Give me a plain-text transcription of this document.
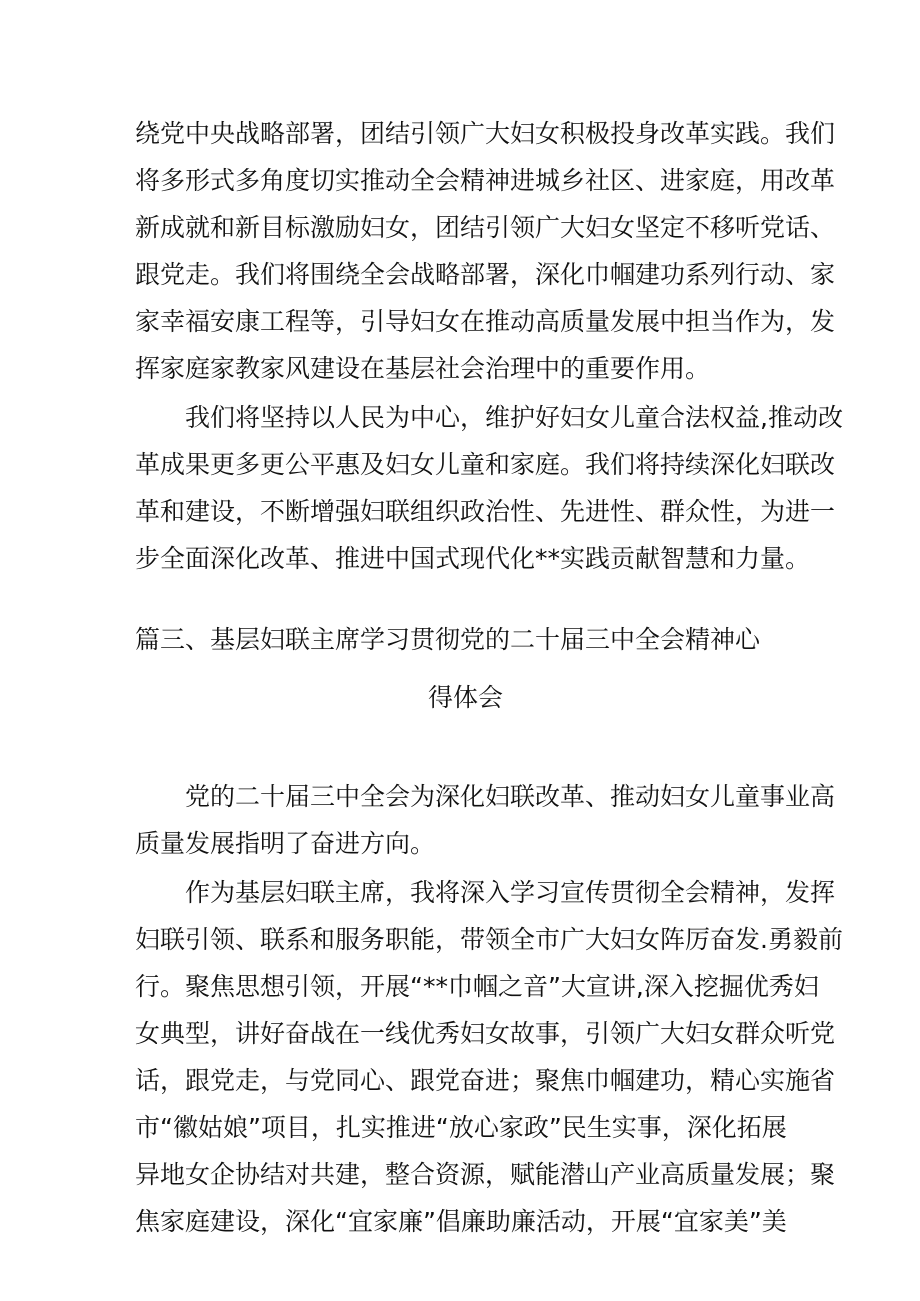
绕党中央战略部署，团结引领广大妇女积极投身改革实践。我们
将多形式多角度切实推动全会精神进城乡社区、进家庭，用改革
新成就和新目标激励妇女，团结引领广大妇女坚定不移听党话、
跟党走。我们将围绕全会战略部署，深化巾帼建功系列行动、家
家幸福安康工程等，引导妇女在推动高质量发展中担当作为，发
挥家庭家教家风建设在基层社会治理中的重要作用。
我们将坚持以人民为中心，维护好妇女儿童合法权益,推动改
革成果更多更公平惠及妇女儿童和家庭。我们将持续深化妇联改
革和建设，不断增强妇联组织政治性、先进性、群众性，为进一
步全面深化改革、推进中国式现代化**实践贡献智慧和力量。
篇三、基层妇联主席学习贯彻党的二十届三中全会精神心
得体会
党的二十届三中全会为深化妇联改革、推动妇女儿童事业高
质量发展指明了奋进方向。
作为基层妇联主席，我将深入学习宣传贯彻全会精神，发挥
妇联引领、联系和服务职能，带领全市广大妇女阵厉奋发.勇毅前
行。聚焦思想引领，开展“**巾帼之音”大宣讲,深入挖掘优秀妇
女典型，讲好奋战在一线优秀妇女故事，引领广大妇女群众听党
话，跟党走，与党同心、跟党奋进；聚焦巾帼建功，精心实施省
市“徽姑娘”项目，扎实推进“放心家政”民生实事，深化拓展
异地女企协结对共建，整合资源，赋能潜山产业高质量发展；聚
焦家庭建设，深化“宜家廉”倡廉助廉活动，开展“宜家美”美
